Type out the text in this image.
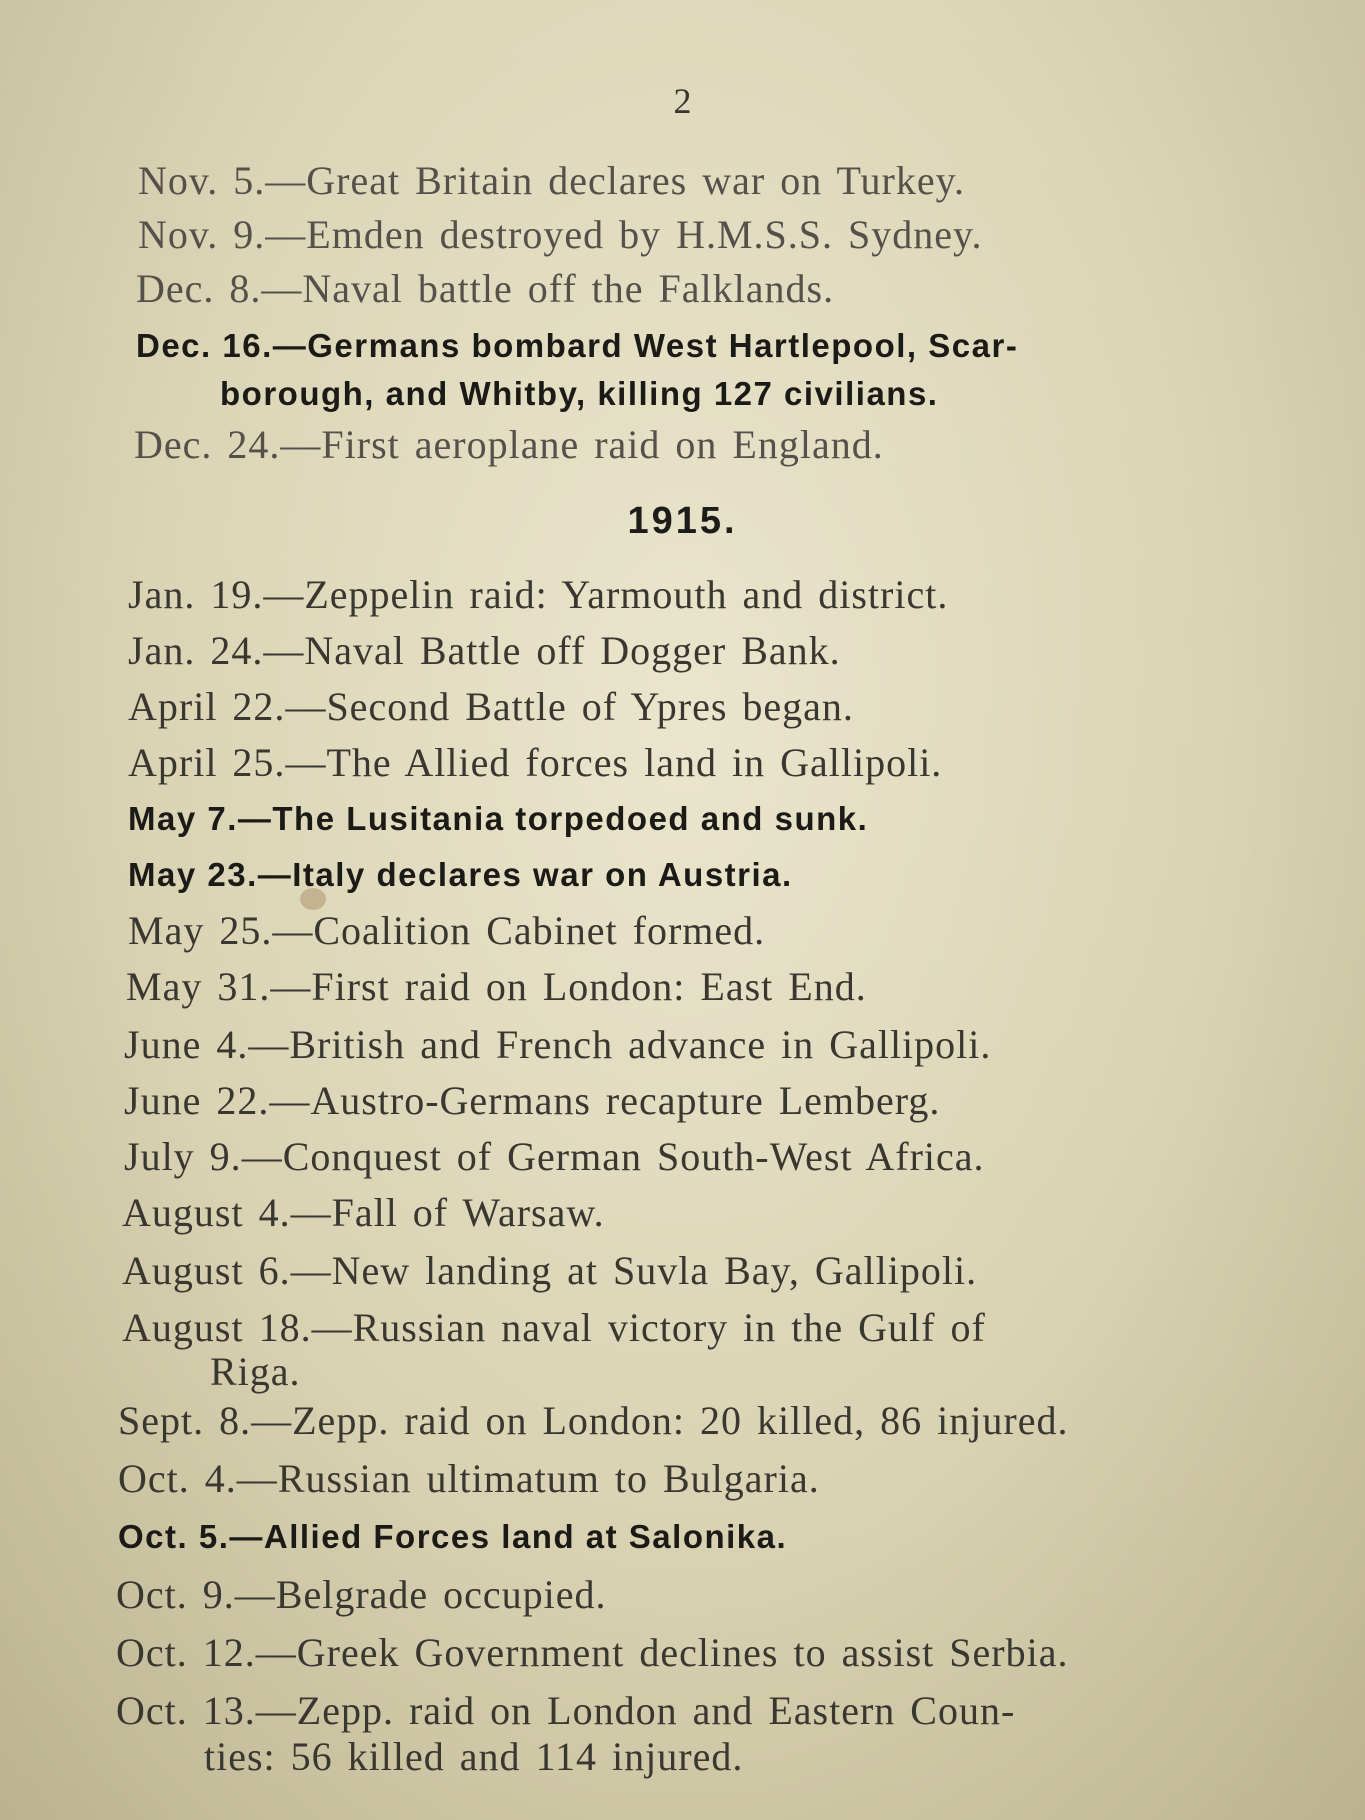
2
Nov. 5.—Great Britain declares war on Turkey.
Nov. 9.—Emden destroyed by H.M.S.S. Sydney.
Dec. 8.—Naval battle off the Falklands.
Dec. 16.—Germans bombard West Hartlepool, Scar-
borough, and Whitby, killing 127 civilians.
Dec. 24.—First aeroplane raid on England.
1915.
Jan. 19.—Zeppelin raid: Yarmouth and district.
Jan. 24.—Naval Battle off Dogger Bank.
April 22.—Second Battle of Ypres began.
April 25.—The Allied forces land in Gallipoli.
May 7.—The Lusitania torpedoed and sunk.
May 23.—Italy declares war on Austria.
May 25.—Coalition Cabinet formed.
May 31.—First raid on London: East End.
June 4.—British and French advance in Gallipoli.
June 22.—Austro-Germans recapture Lemberg.
July 9.—Conquest of German South-West Africa.
August 4.—Fall of Warsaw.
August 6.—New landing at Suvla Bay, Gallipoli.
August 18.—Russian naval victory in the Gulf of
Riga.
Sept. 8.—Zepp. raid on London: 20 killed, 86 injured.
Oct. 4.—Russian ultimatum to Bulgaria.
Oct. 5.—Allied Forces land at Salonika.
Oct. 9.—Belgrade occupied.
Oct. 12.—Greek Government declines to assist Serbia.
Oct. 13.—Zepp. raid on London and Eastern Coun-
ties: 56 killed and 114 injured.
